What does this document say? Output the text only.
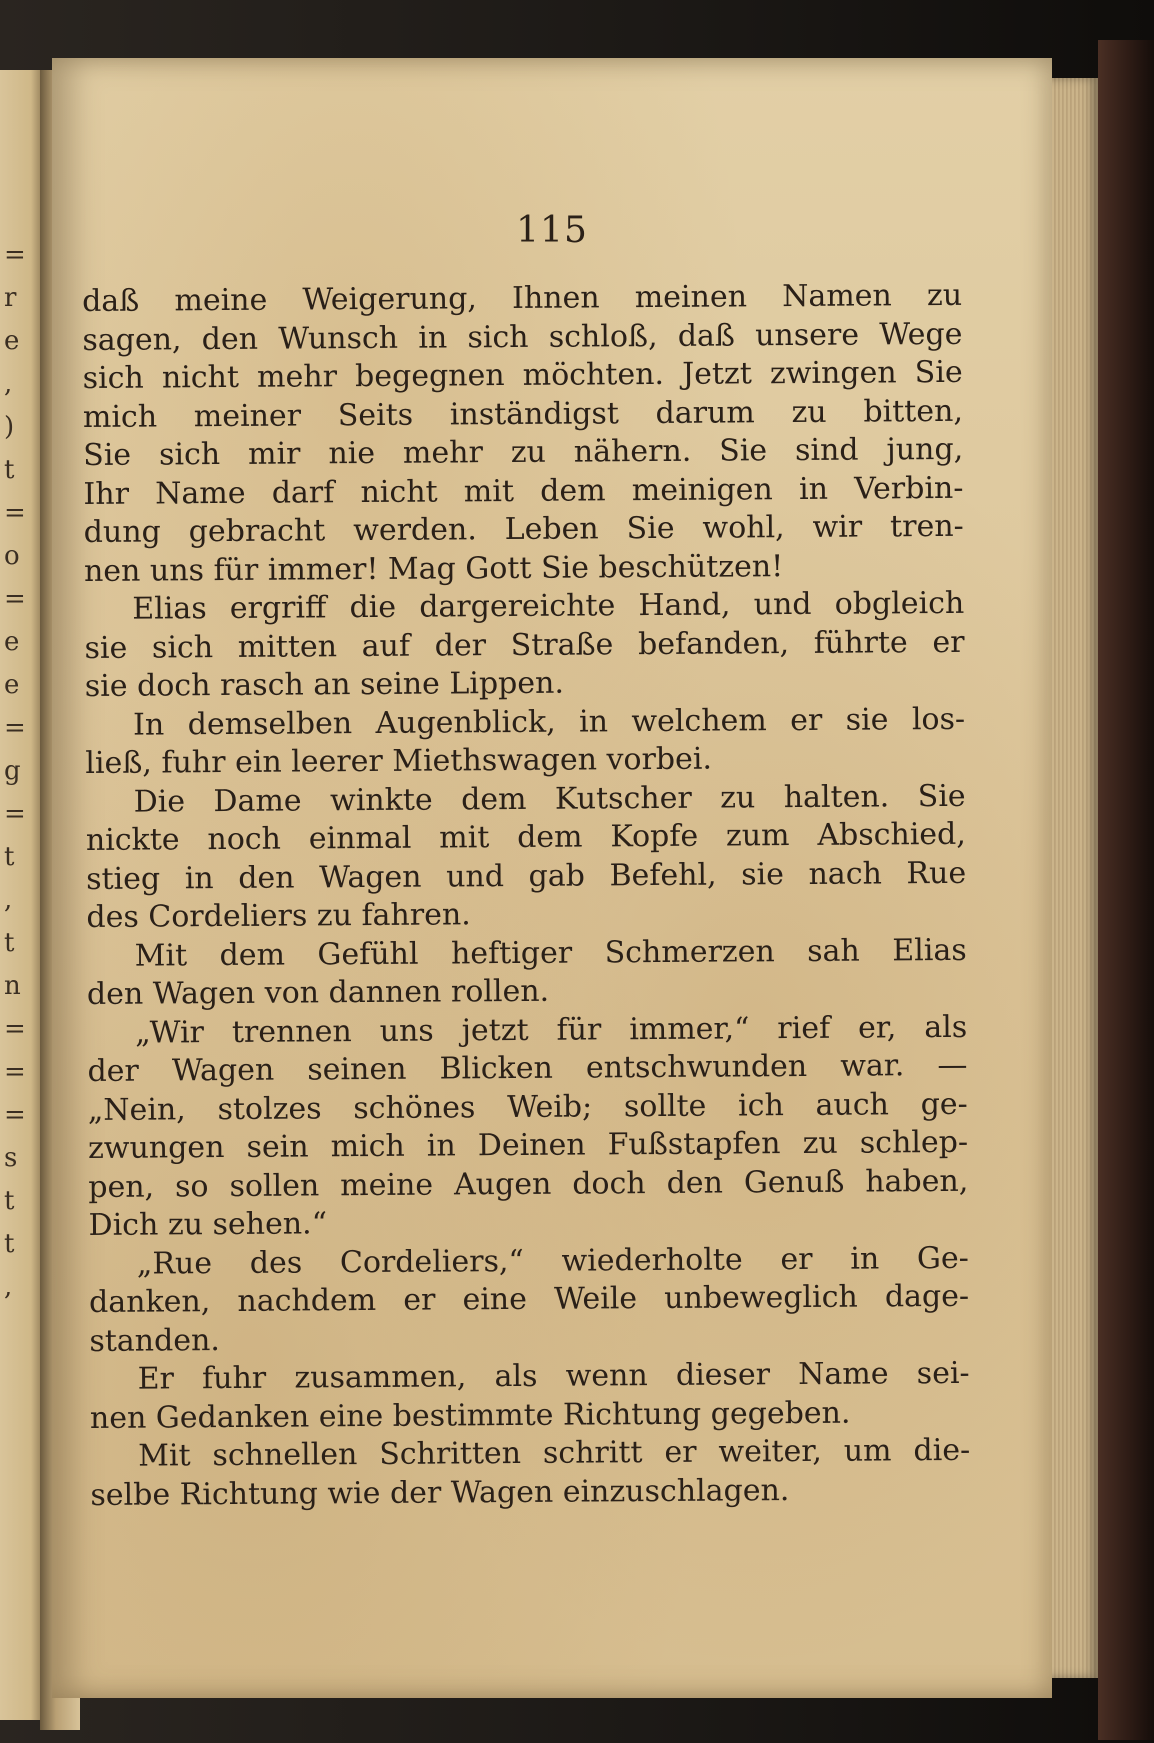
=
r
e
,
)
t
=
o
=
e
e
=
g
=
t
,
t
n
=
=
=
s
t
t
,
115
daß meine Weigerung, Ihnen meinen Namen zu
sagen, den Wunsch in sich schloß, daß unsere Wege
sich nicht mehr begegnen möchten. Jetzt zwingen Sie
mich meiner Seits inständigst darum zu bitten,
Sie sich mir nie mehr zu nähern. Sie sind jung,
Ihr Name darf nicht mit dem meinigen in Verbin-
dung gebracht werden. Leben Sie wohl, wir tren-
nen uns für immer! Mag Gott Sie beschützen!
Elias ergriff die dargereichte Hand, und obgleich
sie sich mitten auf der Straße befanden, führte er
sie doch rasch an seine Lippen.
In demselben Augenblick, in welchem er sie los-
ließ, fuhr ein leerer Miethswagen vorbei.
Die Dame winkte dem Kutscher zu halten. Sie
nickte noch einmal mit dem Kopfe zum Abschied,
stieg in den Wagen und gab Befehl, sie nach Rue
des Cordeliers zu fahren.
Mit dem Gefühl heftiger Schmerzen sah Elias
den Wagen von dannen rollen.
„Wir trennen uns jetzt für immer,“ rief er, als
der Wagen seinen Blicken entschwunden war. —
„Nein, stolzes schönes Weib; sollte ich auch ge-
zwungen sein mich in Deinen Fußstapfen zu schlep-
pen, so sollen meine Augen doch den Genuß haben,
Dich zu sehen.“
„Rue des Cordeliers,“ wiederholte er in Ge-
danken, nachdem er eine Weile unbeweglich dage-
standen.
Er fuhr zusammen, als wenn dieser Name sei-
nen Gedanken eine bestimmte Richtung gegeben.
Mit schnellen Schritten schritt er weiter, um die-
selbe Richtung wie der Wagen einzuschlagen.
